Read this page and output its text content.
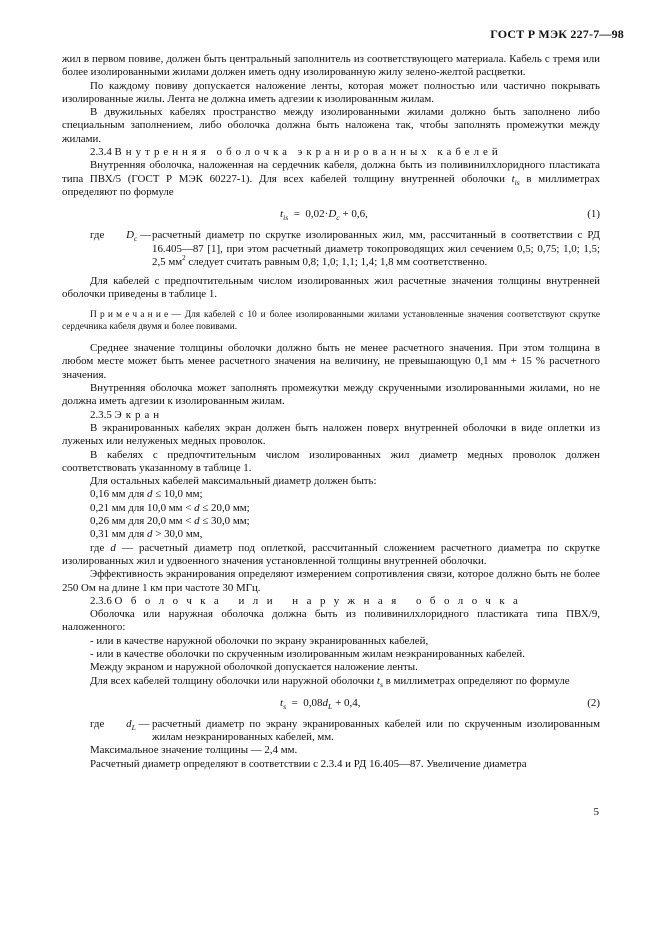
ГОСТ Р МЭК 227-7—98

жил в первом повиве, должен быть центральный заполнитель из соответствующего материала. Кабель с тремя или более изолированными жилами должен иметь одну изолированную жилу зелено-желтой расцветки.

По каждому повиву допускается наложение ленты, которая может полностью или частично покрывать изолированные жилы. Лента не должна иметь адгезии к изолированным жилам.

В двужильных кабелях пространство между изолированными жилами должно быть заполнено либо специальным заполнением, либо оболочка должна быть наложена так, чтобы заполнять промежутки между жилами.

2.3.4 Внутренняя оболочка экранированных кабелей

Внутренняя оболочка, наложенная на сердечник кабеля, должна быть из поливинилхлоридного пластиката типа ПВХ/5 (ГОСТ Р МЭК 60227-1). Для всех кабелей толщину внутренней оболочки $t_{is}$ в миллиметрах определяют по формуле

$t_{is} = 0,02\cdot D_c + 0,6$,	(1)
где	$D_c$ — расчетный диаметр по скрутке изолированных жил, мм, рассчитанный в соответствии с РД 16.405—87 [1], при этом расчетный диаметр токопроводящих жил сечением 0,5; 0,75; 1,0; 1,5; 2,5 $мм^2$ следует считать равным 0,8; 1,0; 1,1; 1,4; 1,8 мм соответственно.

Для кабелей с предпочтительным числом изолированных жил расчетные значения толщины внутренней оболочки приведены в таблице 1.

Примечание— Для кабелей с 10 и более изолированными жилами установленные значения соответствуют скрутке сердечника кабеля двумя и более повивами.

Среднее значение толщины оболочки должно быть не менее расчетного значения. При этом толщина в любом месте может быть менее расчетного значения на величину, не превышающую 0,1 мм + 15 % расчетного значения.

Внутренняя оболочка может заполнять промежутки между скрученными изолированными жилами, но не должна иметь адгезии к изолированным жилам.

2.3.5 Экран

В экранированных кабелях экран должен быть наложен поверх внутренней оболочки в виде оплетки из луженых или нелуженых медных проволок.

В кабелях с предпочтительным числом изолированных жил диаметр медных проволок должен соответствовать указанному в таблице 1.

Для остальных кабелей максимальный диаметр должен быть:

0,16 мм для d ≤ 10,0 мм;

0,21 мм для 10,0 мм < d ≤ 20,0 мм;

0,26 мм для 20,0 мм < d ≤ 30,0 мм;

0,31 мм для d > 30,0 мм,

где d — расчетный диаметр под оплеткой, рассчитанный сложением расчетного диаметра по скрутке изолированных жил и удвоенного значения установленной толщины внутренней оболочки.

Эффективность экранирования определяют измерением сопротивления связи, которое должно быть не более 250 Ом на длине 1 км при частоте 30 МГц.

2.3.6 Оболочка или наружная оболочка

Оболочка или наружная оболочка должна быть из поливинилхлоридного пластиката типа ПВХ/9, наложенного:

- или в качестве наружной оболочки по экрану экранированных кабелей,

- или в качестве оболочки по скрученным изолированным жилам неэкранированных кабелей.

Между экраном и наружной оболочкой допускается наложение ленты.

Для всех кабелей толщину оболочки или наружной оболочки $t_s$ в миллиметрах определяют по формуле

$t_s = 0,08d_L + 0,4$,	(2)
где	$d_L$ — расчетный диаметр по экрану экранированных кабелей или по скрученным изолированным жилам неэкранированных кабелей, мм.

Максимальное значение толщины — 2,4 мм.

Расчетный диаметр определяют в соответствии с 2.3.4 и РД 16.405—87. Увеличение диаметра

5
